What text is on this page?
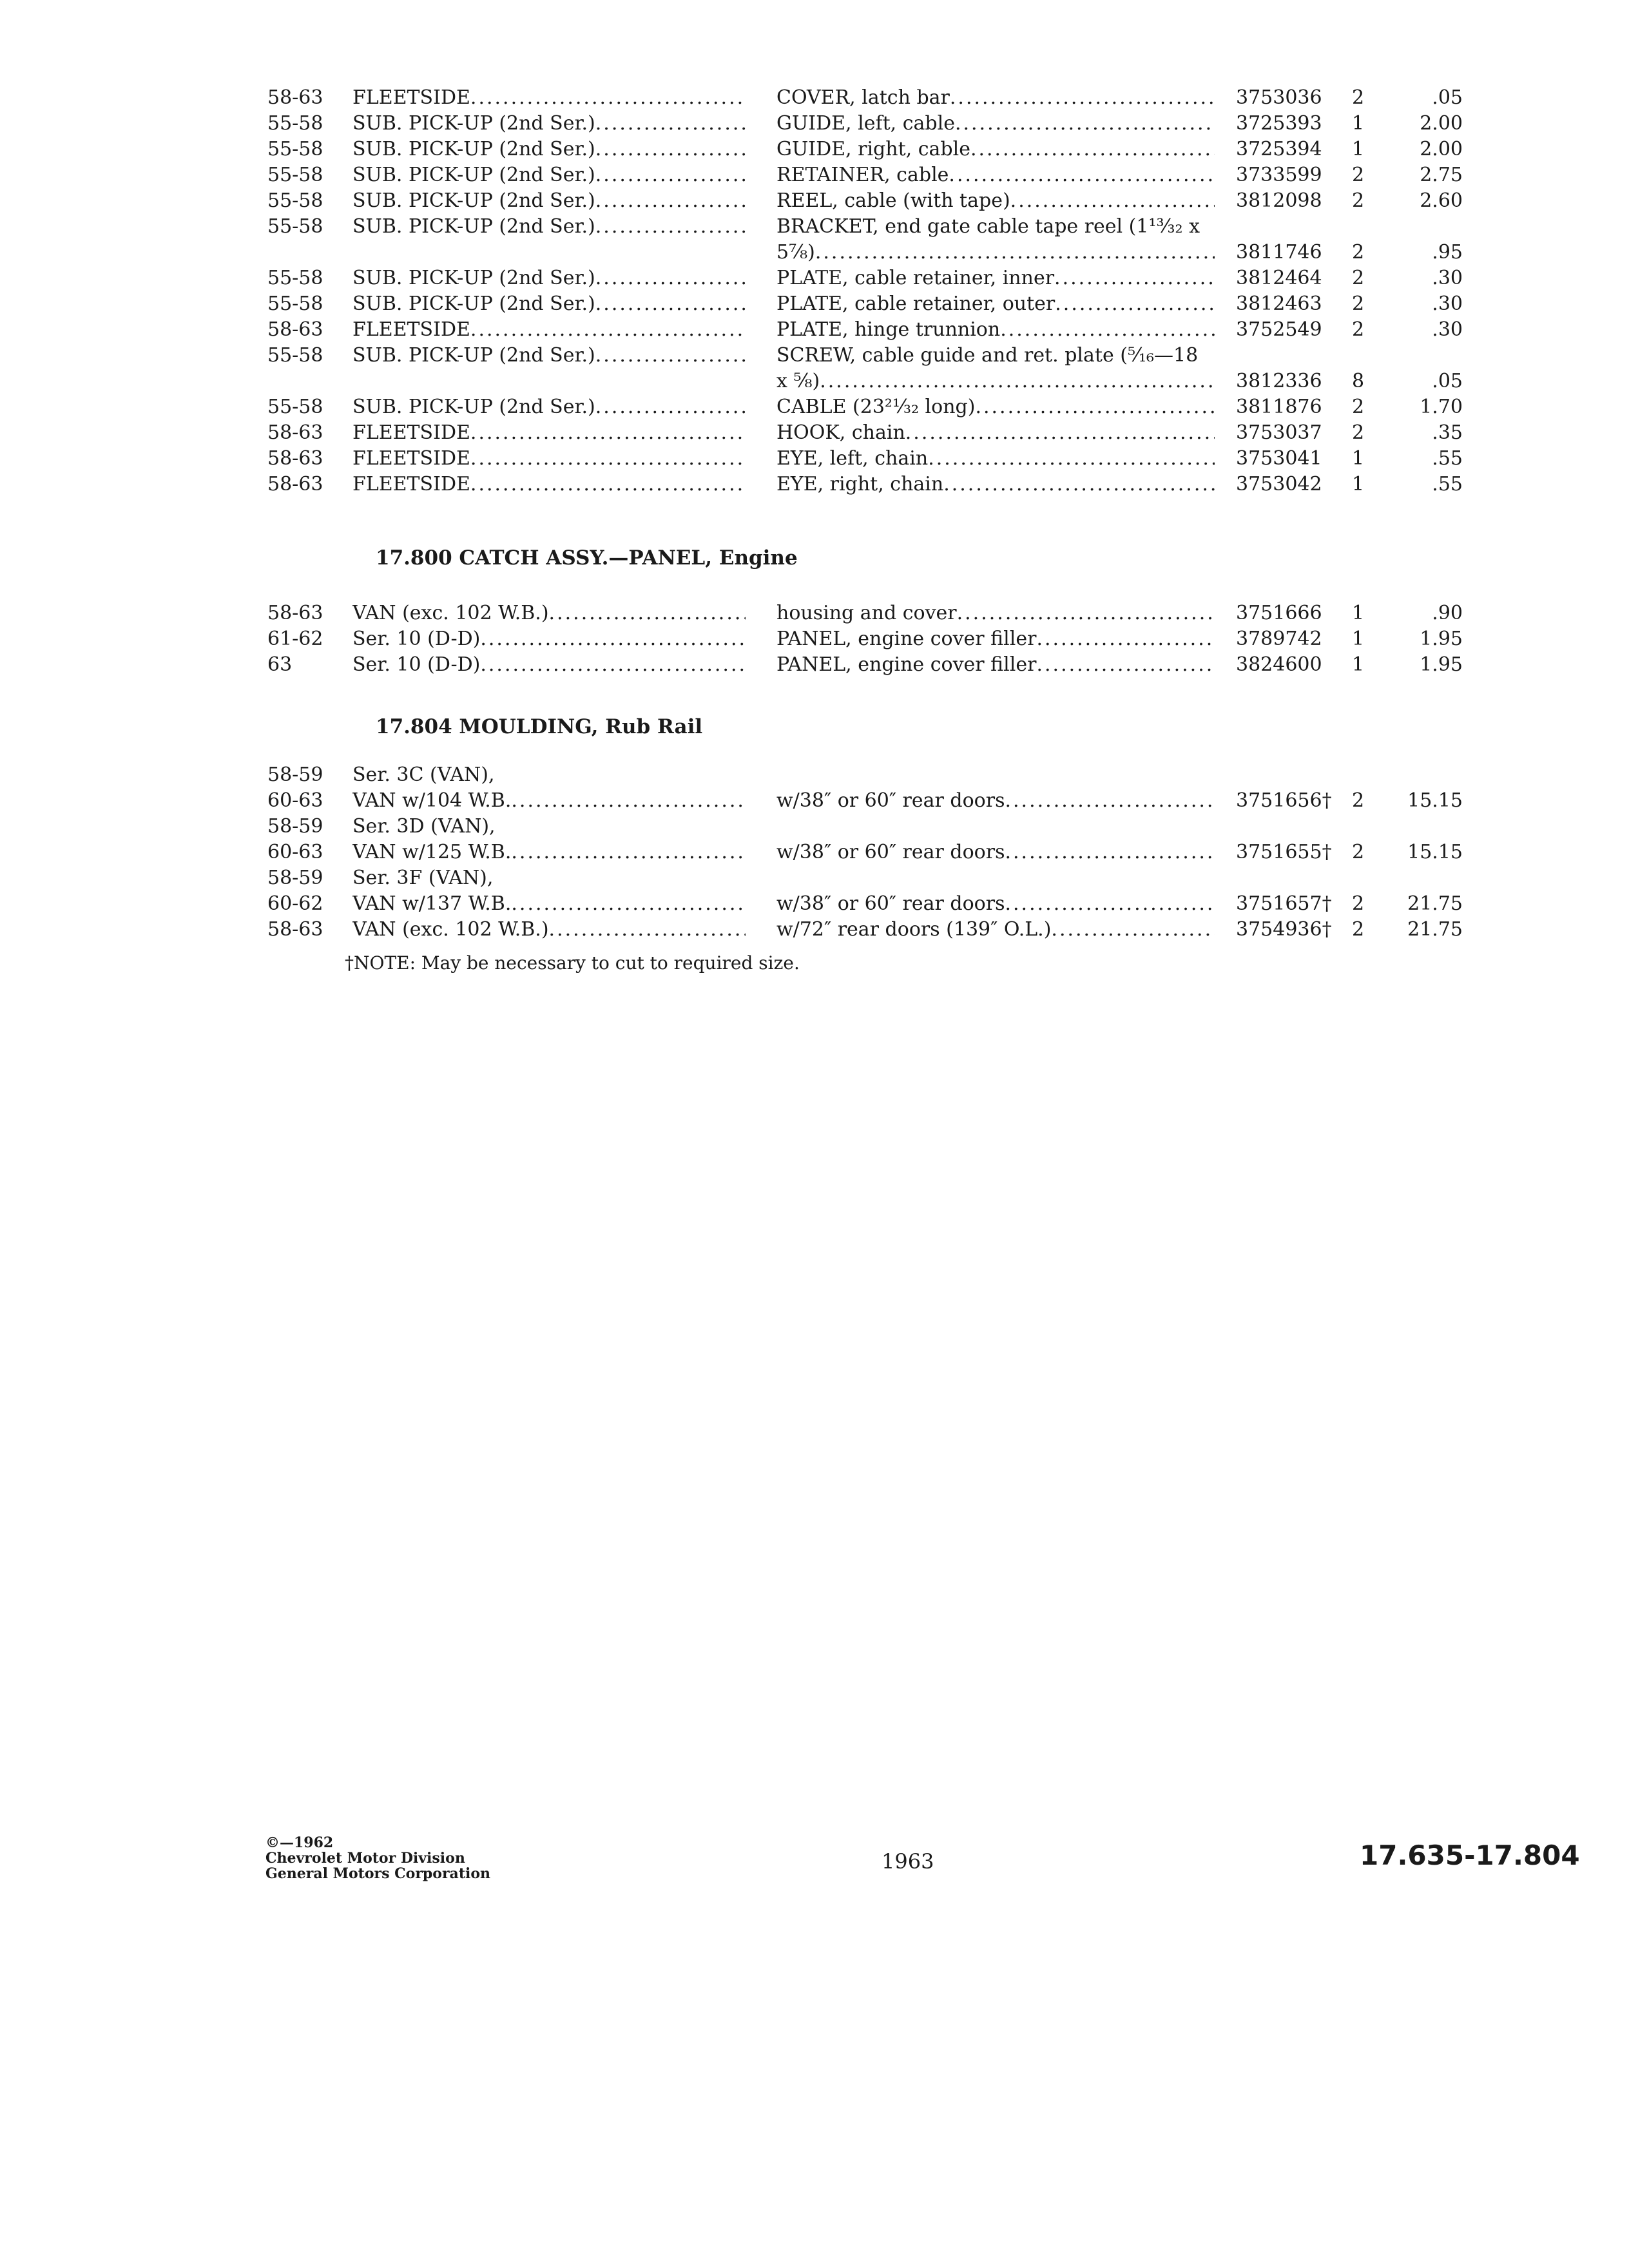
58-63	FLEETSIDE .....	COVER, latch bar .....	3753036	2	.05
55-58	SUB. PICK-UP (2nd Ser.) .....	GUIDE, left, cable .....	3725393	1	2.00
55-58	SUB. PICK-UP (2nd Ser.) .....	GUIDE, right, cable .....	3725394	1	2.00
55-58	SUB. PICK-UP (2nd Ser.) .....	RETAINER, cable .....	3733599	2	2.75
55-58	SUB. PICK-UP (2nd Ser.) .....	REEL, cable (with tape) .....	3812098	2	2.60
55-58	SUB. PICK-UP (2nd Ser.) .....	BRACKET, end gate cable tape reel (1¹³⁄₃₂ x
5⁷⁄₈) .....	3811746	2	.95
55-58	SUB. PICK-UP (2nd Ser.) .....	PLATE, cable retainer, inner .....	3812464	2	.30
55-58	SUB. PICK-UP (2nd Ser.) .....	PLATE, cable retainer, outer .....	3812463	2	.30
58-63	FLEETSIDE .....	PLATE, hinge trunnion .....	3752549	2	.30
55-58	SUB. PICK-UP (2nd Ser.) .....	SCREW, cable guide and ret. plate (⁵⁄₁₆—18
x ⁵⁄₈) .....	3812336	8	.05
55-58	SUB. PICK-UP (2nd Ser.) .....	CABLE (23²¹⁄₃₂ long) .....	3811876	2	1.70
58-63	FLEETSIDE .....	HOOK, chain .....	3753037	2	.35
58-63	FLEETSIDE .....	EYE, left, chain .....	3753041	1	.55
58-63	FLEETSIDE .....	EYE, right, chain .....	3753042	1	.55
17.800 CATCH ASSY.—PANEL, Engine
58-63	VAN (exc. 102 W.B.) .....	housing and cover .....	3751666	1	.90
61-62	Ser. 10 (D-D) .....	PANEL, engine cover filler .....	3789742	1	1.95
63	Ser. 10 (D-D) .....	PANEL, engine cover filler .....	3824600	1	1.95
17.804 MOULDING, Rub Rail
58-59	Ser. 3C (VAN),
60-63	VAN w/104 W.B. .....	w/38″ or 60″ rear doors .....	3751656†	2	15.15
58-59	Ser. 3D (VAN),
60-63	VAN w/125 W.B. .....	w/38″ or 60″ rear doors .....	3751655†	2	15.15
58-59	Ser. 3F (VAN),
60-62	VAN w/137 W.B. .....	w/38″ or 60″ rear doors .....	3751657†	2	21.75
58-63	VAN (exc. 102 W.B.) .....	w/72″ rear doors (139″ O.L.) .....	3754936†	2	21.75
†NOTE: May be necessary to cut to required size.
©—1962
Chevrolet Motor Division
General Motors Corporation	1963	17.635-17.804
